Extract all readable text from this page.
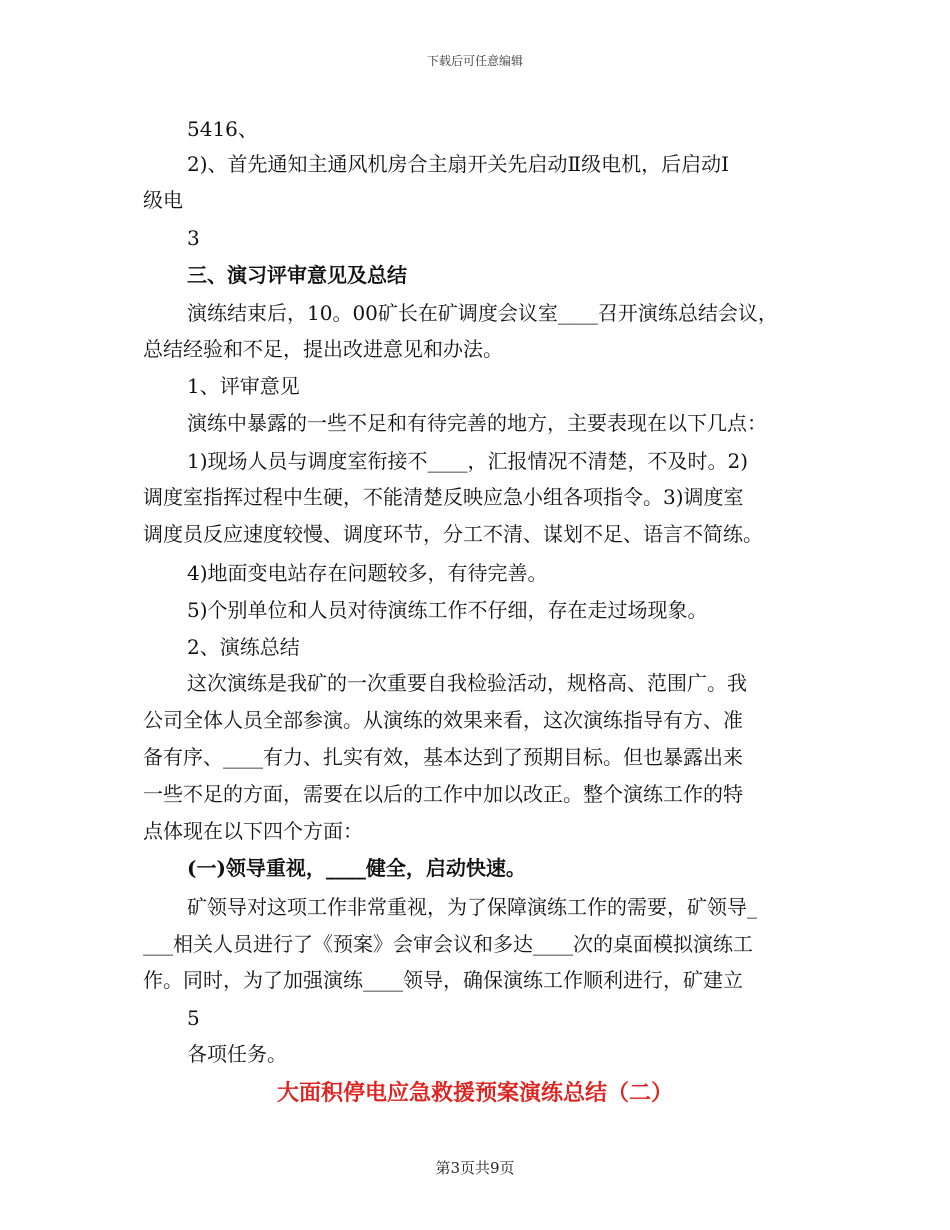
下载后可任意编辑
5416、
2)、首先通知主通风机房合主扇开关先启动Ⅱ级电机，后启动Ⅰ
级电
3
三、演习评审意见及总结
演练结束后，10。00矿长在矿调度会议室____召开演练总结会议，
总结经验和不足，提出改进意见和办法。
1、评审意见
演练中暴露的一些不足和有待完善的地方，主要表现在以下几点：
1)现场人员与调度室衔接不____，汇报情况不清楚，不及时。2)
调度室指挥过程中生硬，不能清楚反映应急小组各项指令。3)调度室
调度员反应速度较慢、调度环节，分工不清、谋划不足、语言不简练。
4)地面变电站存在问题较多，有待完善。
5)个别单位和人员对待演练工作不仔细，存在走过场现象。
2、演练总结
这次演练是我矿的一次重要自我检验活动，规格高、范围广。我
公司全体人员全部参演。从演练的效果来看，这次演练指导有方、准
备有序、____有力、扎实有效，基本达到了预期目标。但也暴露出来
一些不足的方面，需要在以后的工作中加以改正。整个演练工作的特
点体现在以下四个方面：
(一)领导重视，____健全，启动快速。
矿领导对这项工作非常重视，为了保障演练工作的需要，矿领导_
___相关人员进行了《预案》会审会议和多达____次的桌面模拟演练工
作。同时，为了加强演练____领导，确保演练工作顺利进行，矿建立
5
各项任务。
大面积停电应急救援预案演练总结（二）
第3页共9页
